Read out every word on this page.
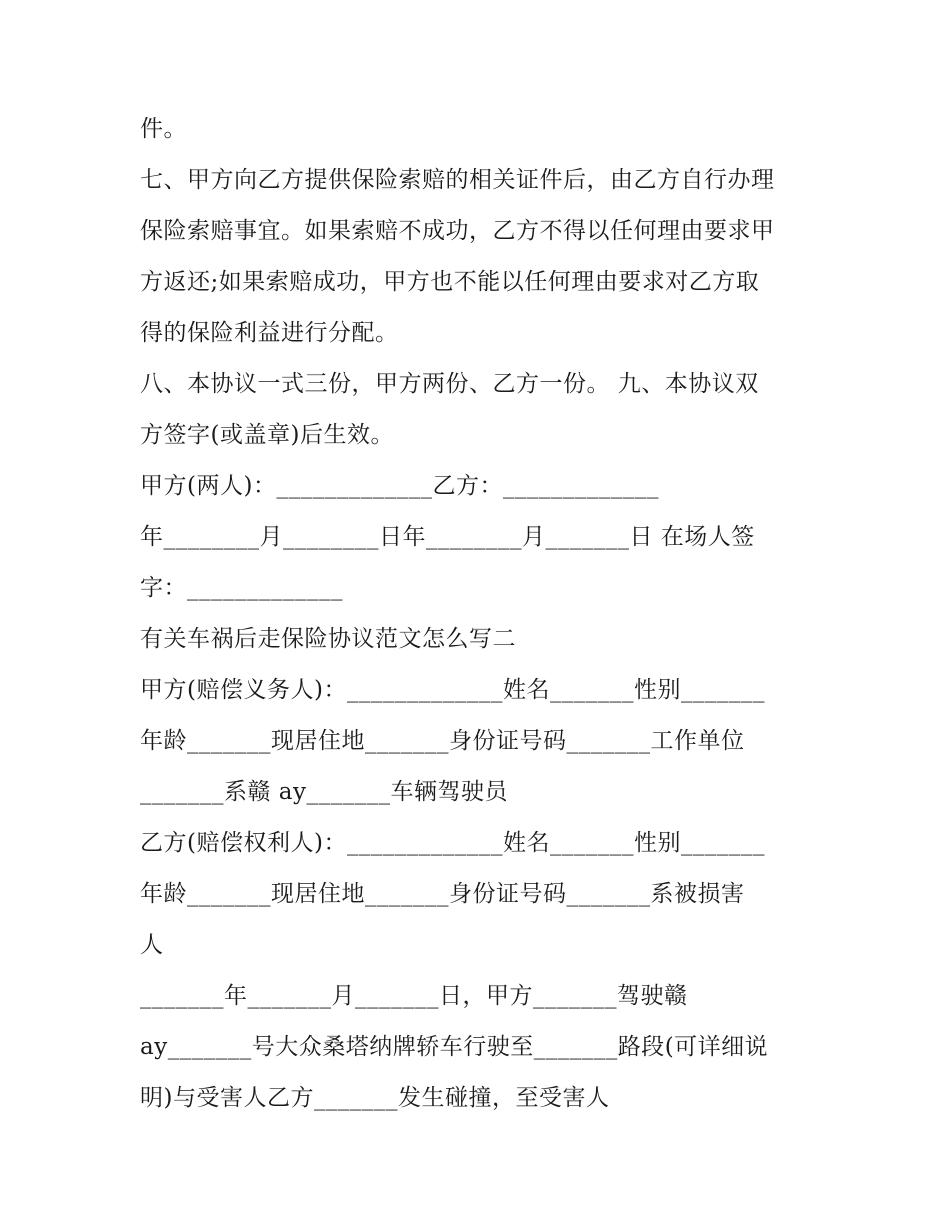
件。
七、甲方向乙方提供保险索赔的相关证件后，由乙方自行办理
保险索赔事宜。如果索赔不成功，乙方不得以任何理由要求甲
方返还;如果索赔成功，甲方也不能以任何理由要求对乙方取
得的保险利益进行分配。
八、本协议一式三份，甲方两份、乙方一份。 九、本协议双
方签字(或盖章)后生效。
甲方(两人)：_____________乙方：_____________
年________月________日年________月_______日 在场人签
字：_____________
有关车祸后走保险协议范文怎么写二
甲方(赔偿义务人)：_____________姓名_______性别_______
年龄_______现居住地_______身份证号码_______工作单位
_______系赣 ay_______车辆驾驶员
乙方(赔偿权利人)：_____________姓名_______性别_______
年龄_______现居住地_______身份证号码_______系被损害
人
_______年_______月_______日，甲方_______驾驶赣
ay_______号大众桑塔纳牌轿车行驶至_______路段(可详细说
明)与受害人乙方_______发生碰撞，至受害人
